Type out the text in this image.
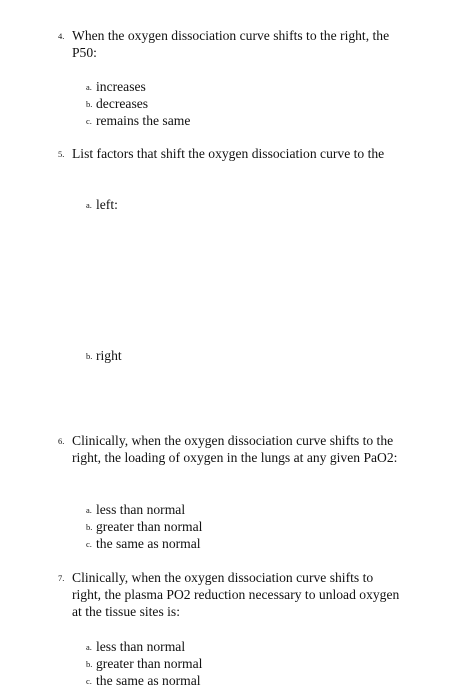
4. When the oxygen dissociation curve shifts to the right, the P50:
a. increases
b. decreases
c. remains the same
5. List factors that shift the oxygen dissociation curve to the
a. left:
b. right
6. Clinically, when the oxygen dissociation curve shifts to the right, the loading of oxygen in the lungs at any given PaO2:
a. less than normal
b. greater than normal
c. the same as normal
7. Clinically, when the oxygen dissociation curve shifts to right, the plasma PO2 reduction necessary to unload oxygen at the tissue sites is:
a. less than normal
b. greater than normal
c. the same as normal
